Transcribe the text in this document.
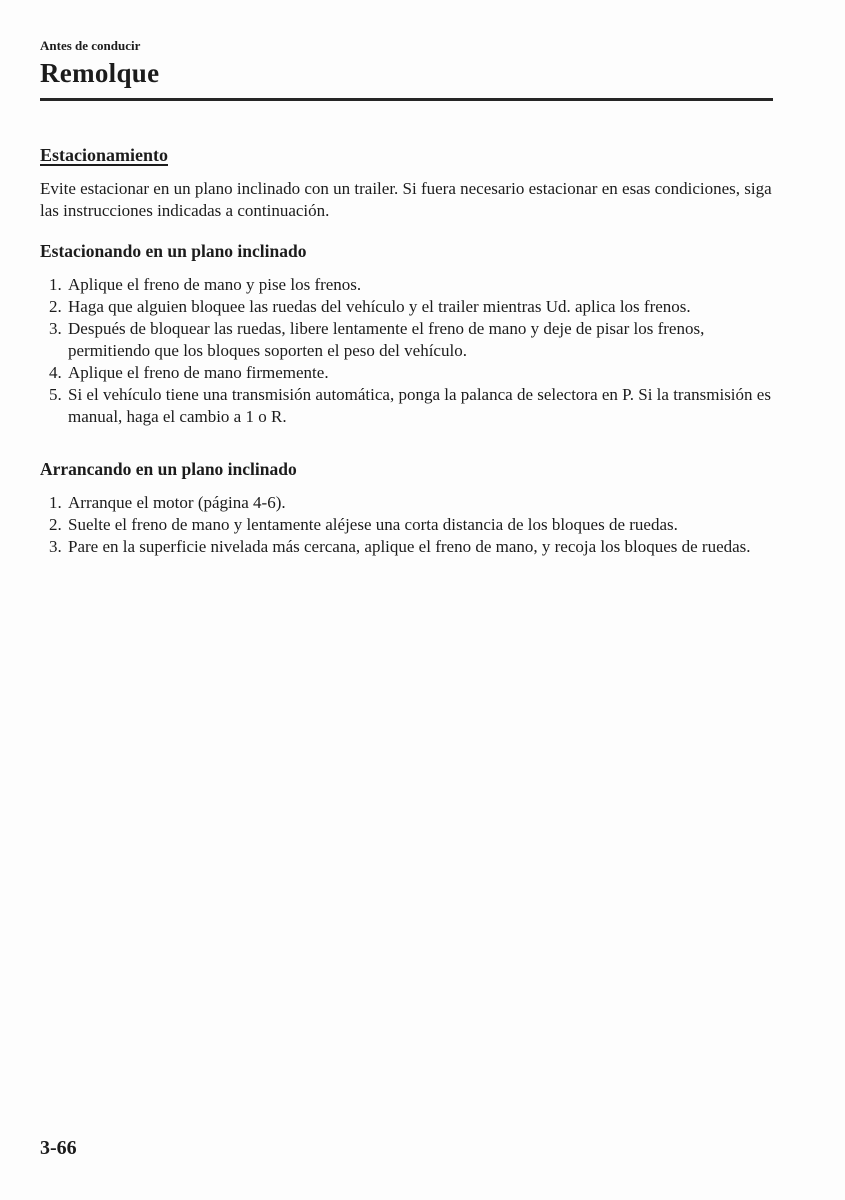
Antes de conducir
Remolque
Estacionamiento

Evite estacionar en un plano inclinado con un trailer. Si fuera necesario estacionar en esas condiciones, siga las instrucciones indicadas a continuación.

Estacionando en un plano inclinado
1. Aplique el freno de mano y pise los frenos.
2. Haga que alguien bloquee las ruedas del vehículo y el trailer mientras Ud. aplica los frenos.
3. Después de bloquear las ruedas, libere lentamente el freno de mano y deje de pisar los frenos, permitiendo que los bloques soporten el peso del vehículo.
4. Aplique el freno de mano firmemente.
5. Si el vehículo tiene una transmisión automática, ponga la palanca de selectora en P. Si la transmisión es manual, haga el cambio a 1 o R.
Arrancando en un plano inclinado
1. Arranque el motor (página 4-6).
2. Suelte el freno de mano y lentamente aléjese una corta distancia de los bloques de ruedas.
3. Pare en la superficie nivelada más cercana, aplique el freno de mano, y recoja los bloques de ruedas.
3-66
